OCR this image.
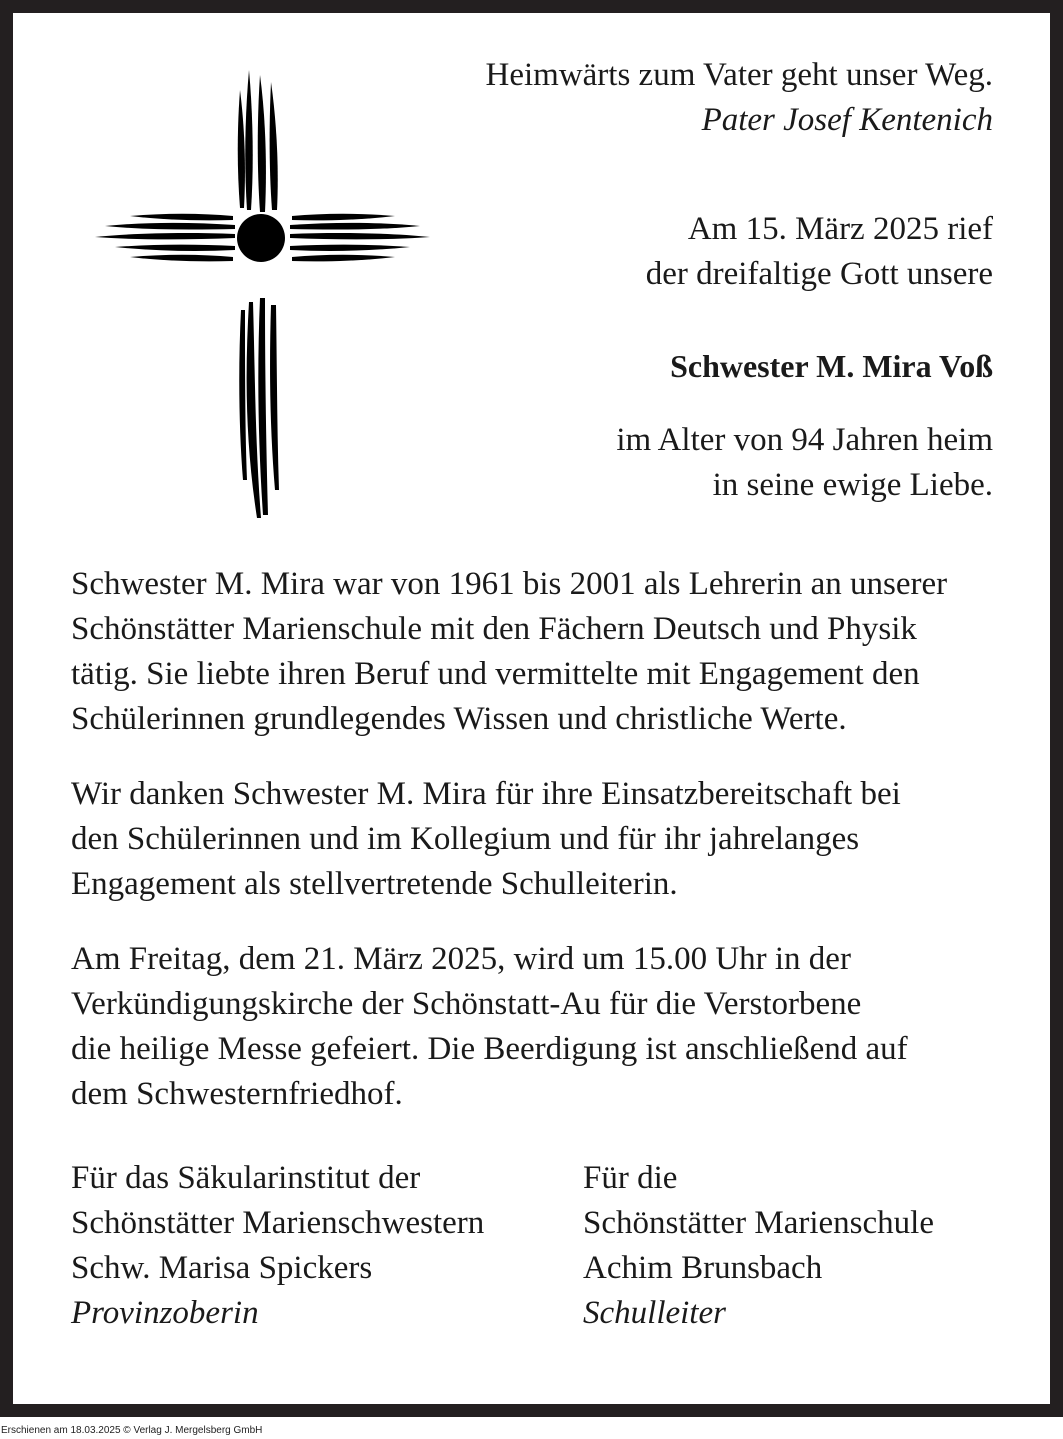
Heimwärts zum Vater geht unser Weg.
Pater Josef Kentenich
Am 15. März 2025 rief
der dreifaltige Gott unsere
Schwester M. Mira Voß
im Alter von 94 Jahren heim
in seine ewige Liebe.

Schwester M. Mira war von 1961 bis 2001 als Lehrerin an unserer
Schönstätter Marienschule mit den Fächern Deutsch und Physik
tätig. Sie liebte ihren Beruf und vermittelte mit Engagement den
Schülerinnen grundlegendes Wissen und christliche Werte.

Wir danken Schwester M. Mira für ihre Einsatzbereitschaft bei
den Schülerinnen und im Kollegium und für ihr jahrelanges
Engagement als stellvertretende Schulleiterin.

Am Freitag, dem 21. März 2025, wird um 15.00 Uhr in der
Verkündigungskirche der Schönstatt-Au für die Verstorbene
die heilige Messe gefeiert. Die Beerdigung ist anschließend auf
dem Schwesternfriedhof.

Für das Säkularinstitut der
Schönstätter Marienschwestern
Schw. Marisa Spickers
Provinzoberin
Für die
Schönstätter Marienschule
Achim Brunsbach
Schulleiter
Erschienen am 18.03.2025 © Verlag J. Mergelsberg GmbH
